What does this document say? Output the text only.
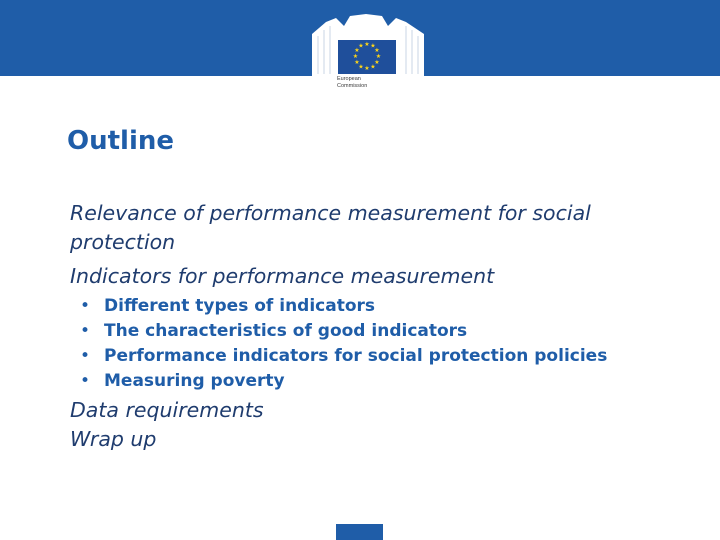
★ ★
★
★
★
★
★
★
★
★
★
★
European
Commission
Outline
Relevance of performance measurement for social protection
Indicators for performance measurement
• Different types of indicators
• The characteristics of good indicators
• Performance indicators for social protection policies
• Measuring poverty
Data requirements
Wrap up
